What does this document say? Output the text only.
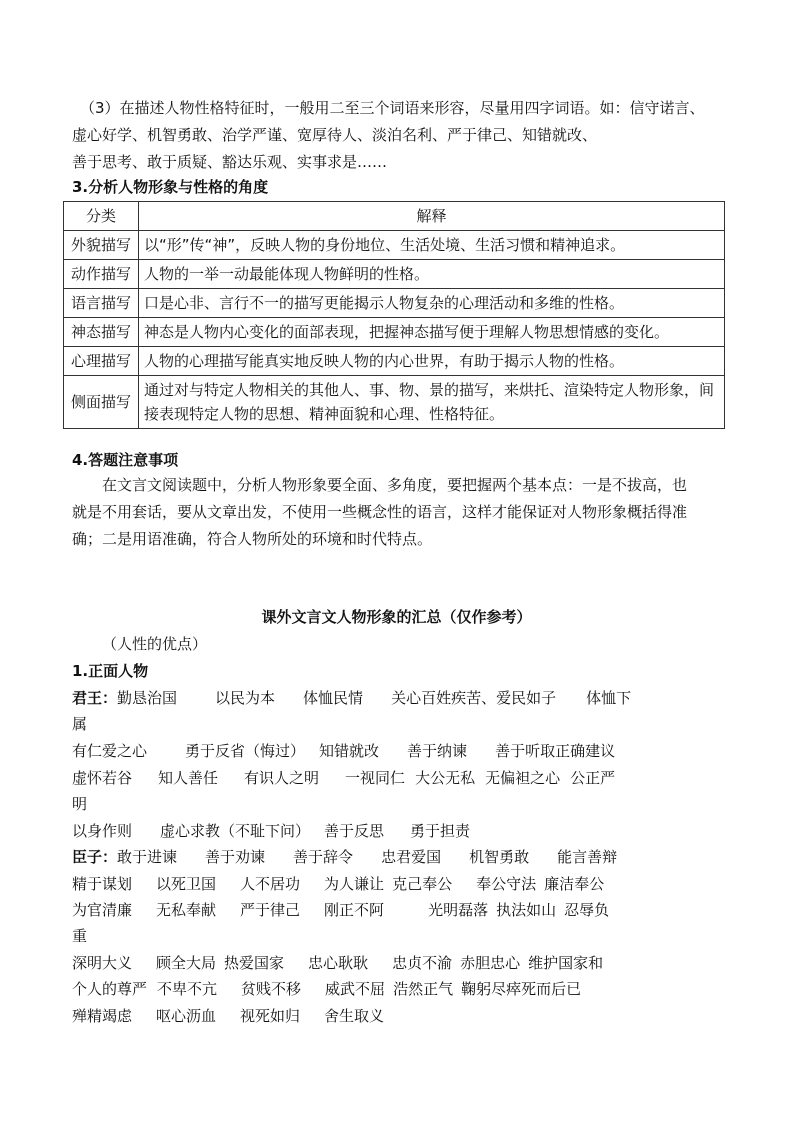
（3）在描述人物性格特征时，一般用二至三个词语来形容，尽量用四字词语。如：信守诺言、
虚心好学、机智勇敢、治学严谨、宽厚待人、淡泊名利、严于律己、知错就改、
善于思考、敢于质疑、豁达乐观、实事求是……
3.分析人物形象与性格的角度
分类	解释
外貌描写	以“形”传“神”，反映人物的身份地位、生活处境、生活习惯和精神追求。
动作描写	人物的一举一动最能体现人物鲜明的性格。
语言描写	口是心非、言行不一的描写更能揭示人物复杂的心理活动和多维的性格。
神态描写	神态是人物内心变化的面部表现，把握神态描写便于理解人物思想情感的变化。
心理描写	人物的心理描写能真实地反映人物的内心世界，有助于揭示人物的性格。
侧面描写	通过对与特定人物相关的其他人、事、物、景的描写，来烘托、渲染特定人物形象，间接表现特定人物的思想、精神面貌和心理、性格特征。
4.答题注意事项
在文言文阅读题中，分析人物形象要全面、多角度，要把握两个基本点：一是不拔高，也
就是不用套话，要从文章出发，不使用一些概念性的语言，这样才能保证对人物形象概括得准
确；二是用语准确，符合人物所处的环境和时代特点。
课外文言文人物形象的汇总（仅作参考）
（人性的优点）
1.正面人物
君王：勤恳治国	以民为本 体恤民情 关心百姓疾苦、爱民如子 体恤下
属
有仁爱之心	勇于反省（悔过） 知错就改 善于纳谏 善于听取正确建议
虚怀若谷 知人善任 有识人之明 一视同仁 大公无私 无偏袒之心 公正严
明
以身作则 虚心求教（不耻下问） 善于反思 勇于担责
臣子：敢于进谏 善于劝谏 善于辞令 忠君爱国 机智勇敢 能言善辩
精于谋划 以死卫国 人不居功 为人谦让 克己奉公 奉公守法 廉洁奉公
为官清廉 无私奉献 严于律己 刚正不阿	光明磊落 执法如山 忍辱负
重
深明大义 顾全大局 热爱国家 忠心耿耿 忠贞不渝 赤胆忠心 维护国家和
个人的尊严 不卑不亢 贫贱不移 威武不屈 浩然正气 鞠躬尽瘁死而后已
殚精竭虑 呕心沥血 视死如归 舍生取义
